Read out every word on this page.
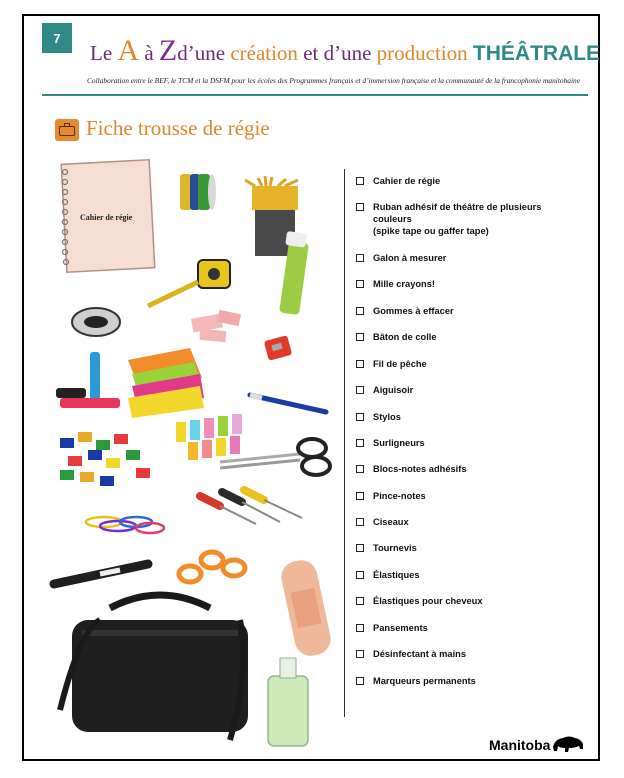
7
Le A à Zd’une création et d’une production THÉÂTRALE
Collaboration entre le BEF, le TCM et la DSFM pour les écoles des Programmes français et d’immersion française et la communauté de la francophonie manitobaine
Fiche trousse de régie
Cahier de régie
Cahier de régie
Ruban adhésif de théâtre de plusieurs couleurs
(spike tape ou gaffer tape)
Galon à mesurer
Mille crayons!
Gommes à effacer
Bâton de colle
Fil de pêche
Aiguisoir
Stylos
Surligneurs
Blocs-notes adhésifs
Pince-notes
Ciseaux
Tournevis
Élastiques
Élastiques pour cheveux
Pansements
Désinfectant à mains
Marqueurs permanents
Manitoba
